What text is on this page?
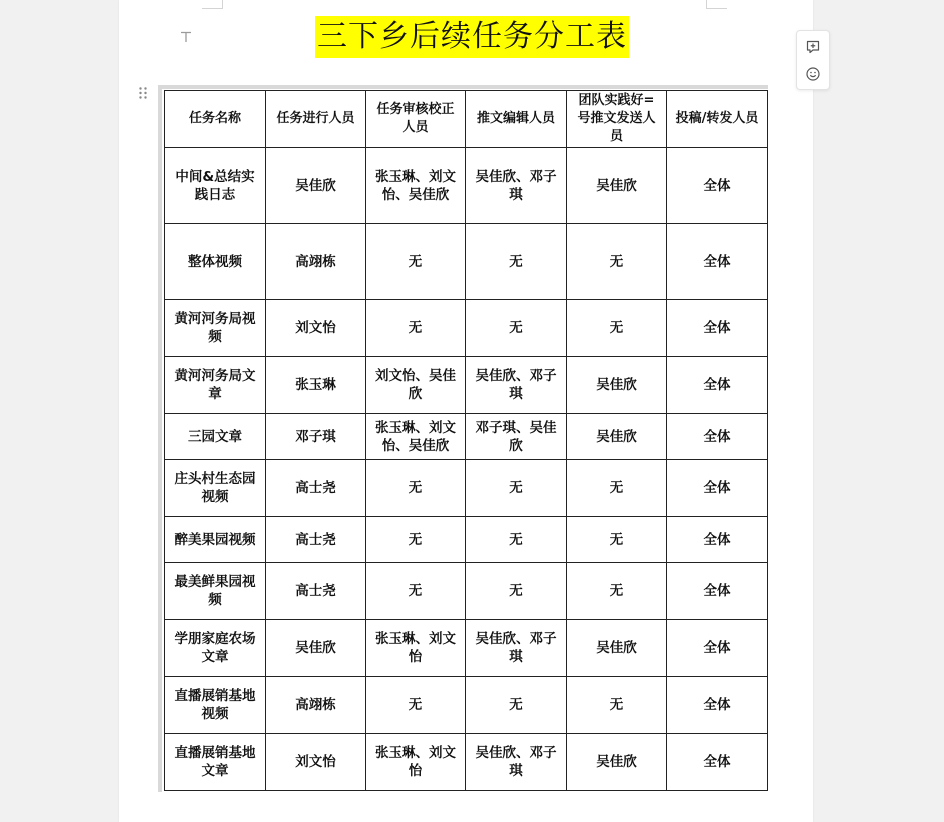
三下乡后续任务分工表
任务名称	任务进行人员	任务审核校正人员	推文编辑人员	团队实践好=号推文发送人员	投稿/转发人员
中间&总结实践日志	吴佳欣	张玉琳、刘文怡、吴佳欣	吴佳欣、邓子琪	吴佳欣	全体
整体视频	高翊栋	无	无	无	全体
黄河河务局视频	刘文怡	无	无	无	全体
黄河河务局文章	张玉琳	刘文怡、吴佳欣	吴佳欣、邓子琪	吴佳欣	全体
三园文章	邓子琪	张玉琳、刘文怡、吴佳欣	邓子琪、吴佳欣	吴佳欣	全体
庄头村生态园视频	高士尧	无	无	无	全体
醉美果园视频	高士尧	无	无	无	全体
最美鲜果园视频	高士尧	无	无	无	全体
学朋家庭农场文章	吴佳欣	张玉琳、刘文怡	吴佳欣、邓子琪	吴佳欣	全体
直播展销基地视频	高翊栋	无	无	无	全体
直播展销基地文章	刘文怡	张玉琳、刘文怡	吴佳欣、邓子琪	吴佳欣	全体
